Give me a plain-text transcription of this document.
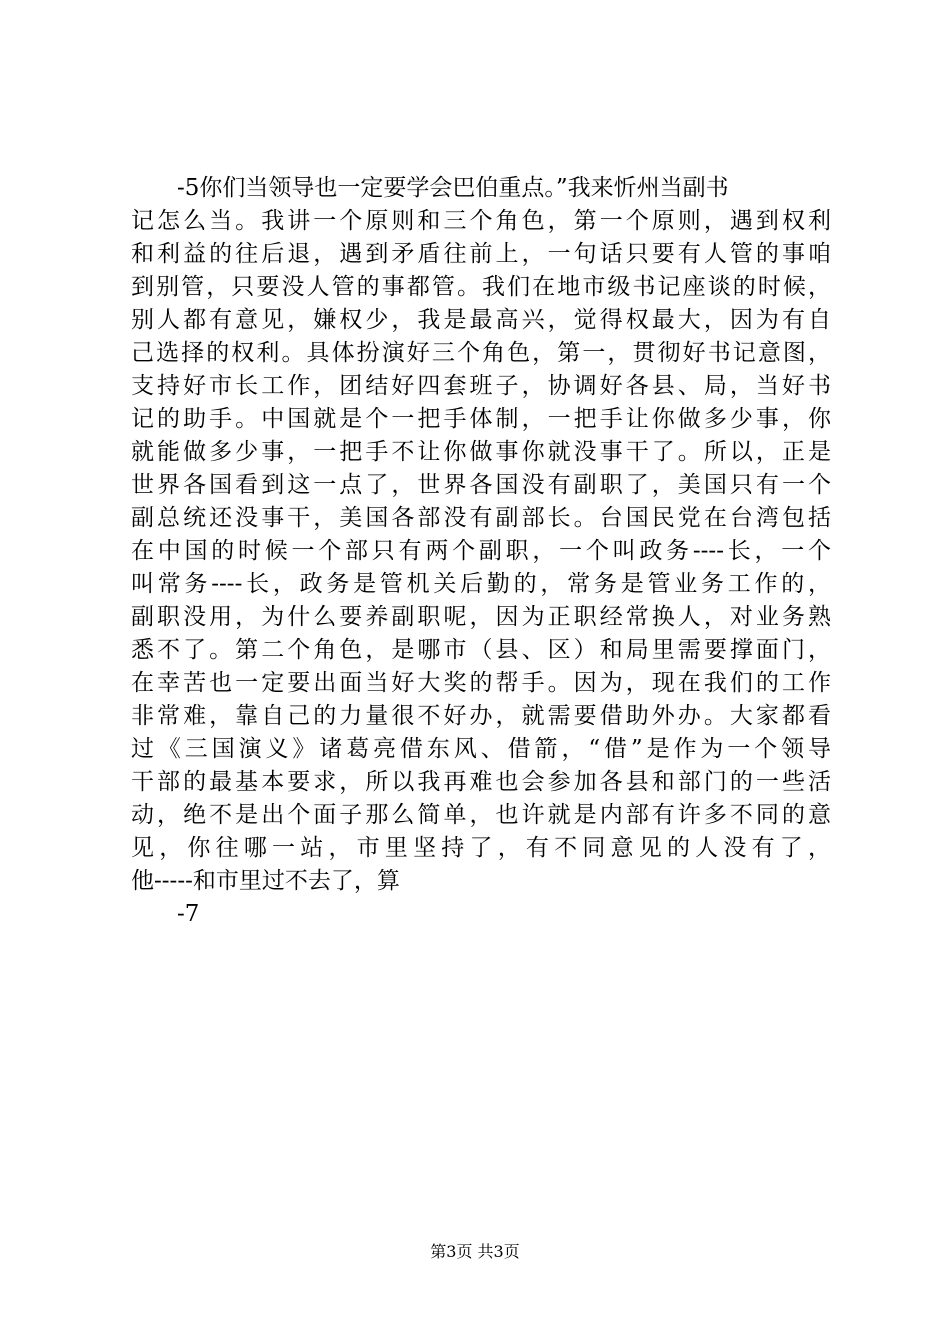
-5你们当领导也一定要学会巴伯重点。”我来忻州当副书
记怎么当。我讲一个原则和三个角色，第一个原则，遇到权利
和利益的往后退，遇到矛盾往前上，一句话只要有人管的事咱
到别管，只要没人管的事都管。我们在地市级书记座谈的时候，
别人都有意见，嫌权少，我是最高兴，觉得权最大，因为有自
己选择的权利。具体扮演好三个角色，第一，贯彻好书记意图，
支持好市长工作，团结好四套班子，协调好各县、局，当好书
记的助手。中国就是个一把手体制，一把手让你做多少事，你
就能做多少事，一把手不让你做事你就没事干了。所以，正是
世界各国看到这一点了，世界各国没有副职了，美国只有一个
副总统还没事干，美国各部没有副部长。台国民党在台湾包括
在中国的时候一个部只有两个副职，一个叫政务----长，一个
叫常务----长，政务是管机关后勤的，常务是管业务工作的，
副职没用，为什么要养副职呢，因为正职经常换人，对业务熟
悉不了。第二个角色，是哪市（县、区）和局里需要撑面门，
在幸苦也一定要出面当好大奖的帮手。因为，现在我们的工作
非常难，靠自己的力量很不好办，就需要借助外办。大家都看
过《三国演义》诸葛亮借东风、借箭，“借”是作为一个领导
干部的最基本要求，所以我再难也会参加各县和部门的一些活
动，绝不是出个面子那么简单，也许就是内部有许多不同的意
见，你往哪一站，市里坚持了，有不同意见的人没有了，
他-----和市里过不去了，算
-7
第3页 共3页
